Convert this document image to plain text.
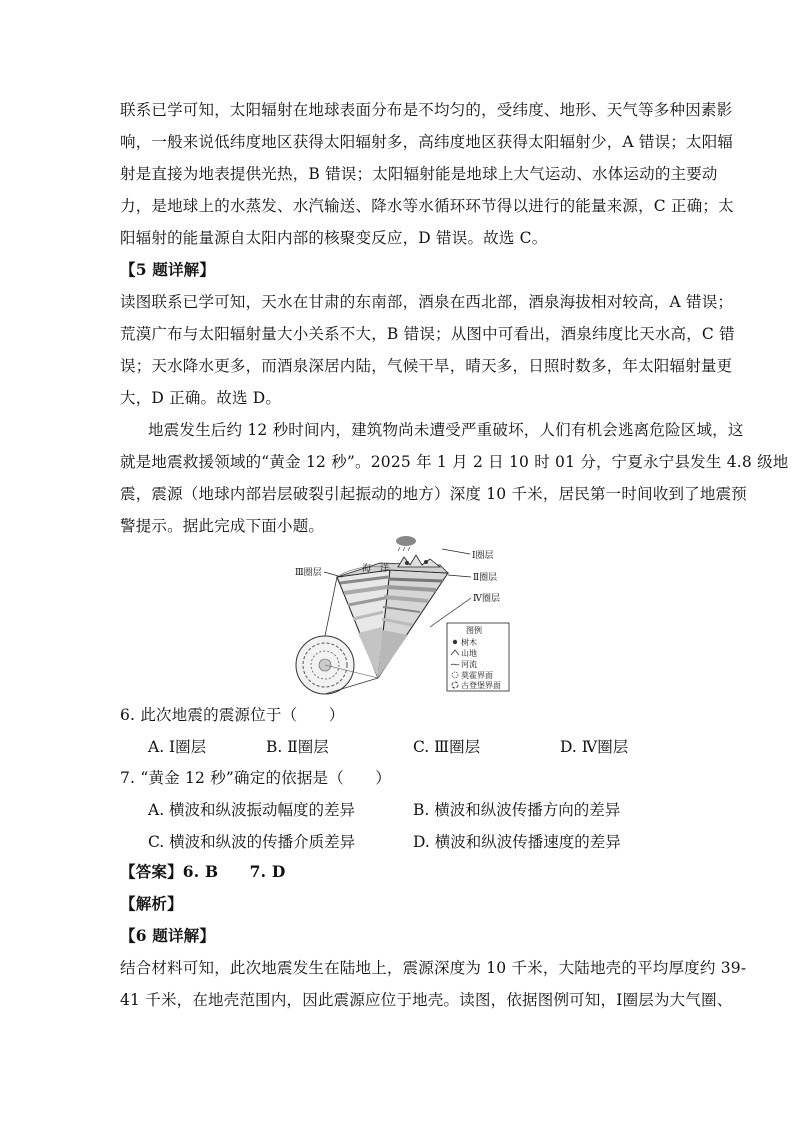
联系已学可知，太阳辐射在地球表面分布是不均匀的，受纬度、地形、天气等多种因素影
响，一般来说低纬度地区获得太阳辐射多，高纬度地区获得太阳辐射少，A 错误；太阳辐
射是直接为地表提供光热，B 错误；太阳辐射能是地球上大气运动、水体运动的主要动
力，是地球上的水蒸发、水汽输送、降水等水循环环节得以进行的能量来源，C 正确；太
阳辐射的能量源自太阳内部的核聚变反应，D 错误。故选 C。
【5 题详解】
读图联系已学可知，天水在甘肃的东南部，酒泉在西北部，酒泉海拔相对较高，A 错误；
荒漠广布与太阳辐射量大小关系不大，B 错误；从图中可看出，酒泉纬度比天水高，C 错
误；天水降水更多，而酒泉深居内陆，气候干旱，晴天多，日照时数多，年太阳辐射量更
大，D 正确。故选 D。
地震发生后约 12 秒时间内，建筑物尚未遭受严重破坏，人们有机会逃离危险区域，这
就是地震救援领域的“黄金 12 秒”。2025 年 1 月 2 日 10 时 01 分，宁夏永宁县发生 4.8 级地
震，震源（地球内部岩层破裂引起振动的地方）深度 10 千米，居民第一时间收到了地震预
警提示。据此完成下面小题。
Ⅲ圈层	海　洋
Ⅰ圈层
Ⅱ圈层
Ⅳ圈层
图例
树木
山地
河流
莫霍界面
古登堡界面
6. 此次地震的震源位于（　　）
A. Ⅰ圈层	B. Ⅱ圈层	C. Ⅲ圈层	D. Ⅳ圈层
7. “黄金 12 秒”确定的依据是（　　）
A. 横波和纵波振动幅度的差异	B. 横波和纵波传播方向的差异
C. 横波和纵波的传播介质差异	D. 横波和纵波传播速度的差异
【答案】6. B　　7. D
【解析】
【6 题详解】
结合材料可知，此次地震发生在陆地上，震源深度为 10 千米，大陆地壳的平均厚度约 39-
41 千米，在地壳范围内，因此震源应位于地壳。读图，依据图例可知，Ⅰ圈层为大气圈、
